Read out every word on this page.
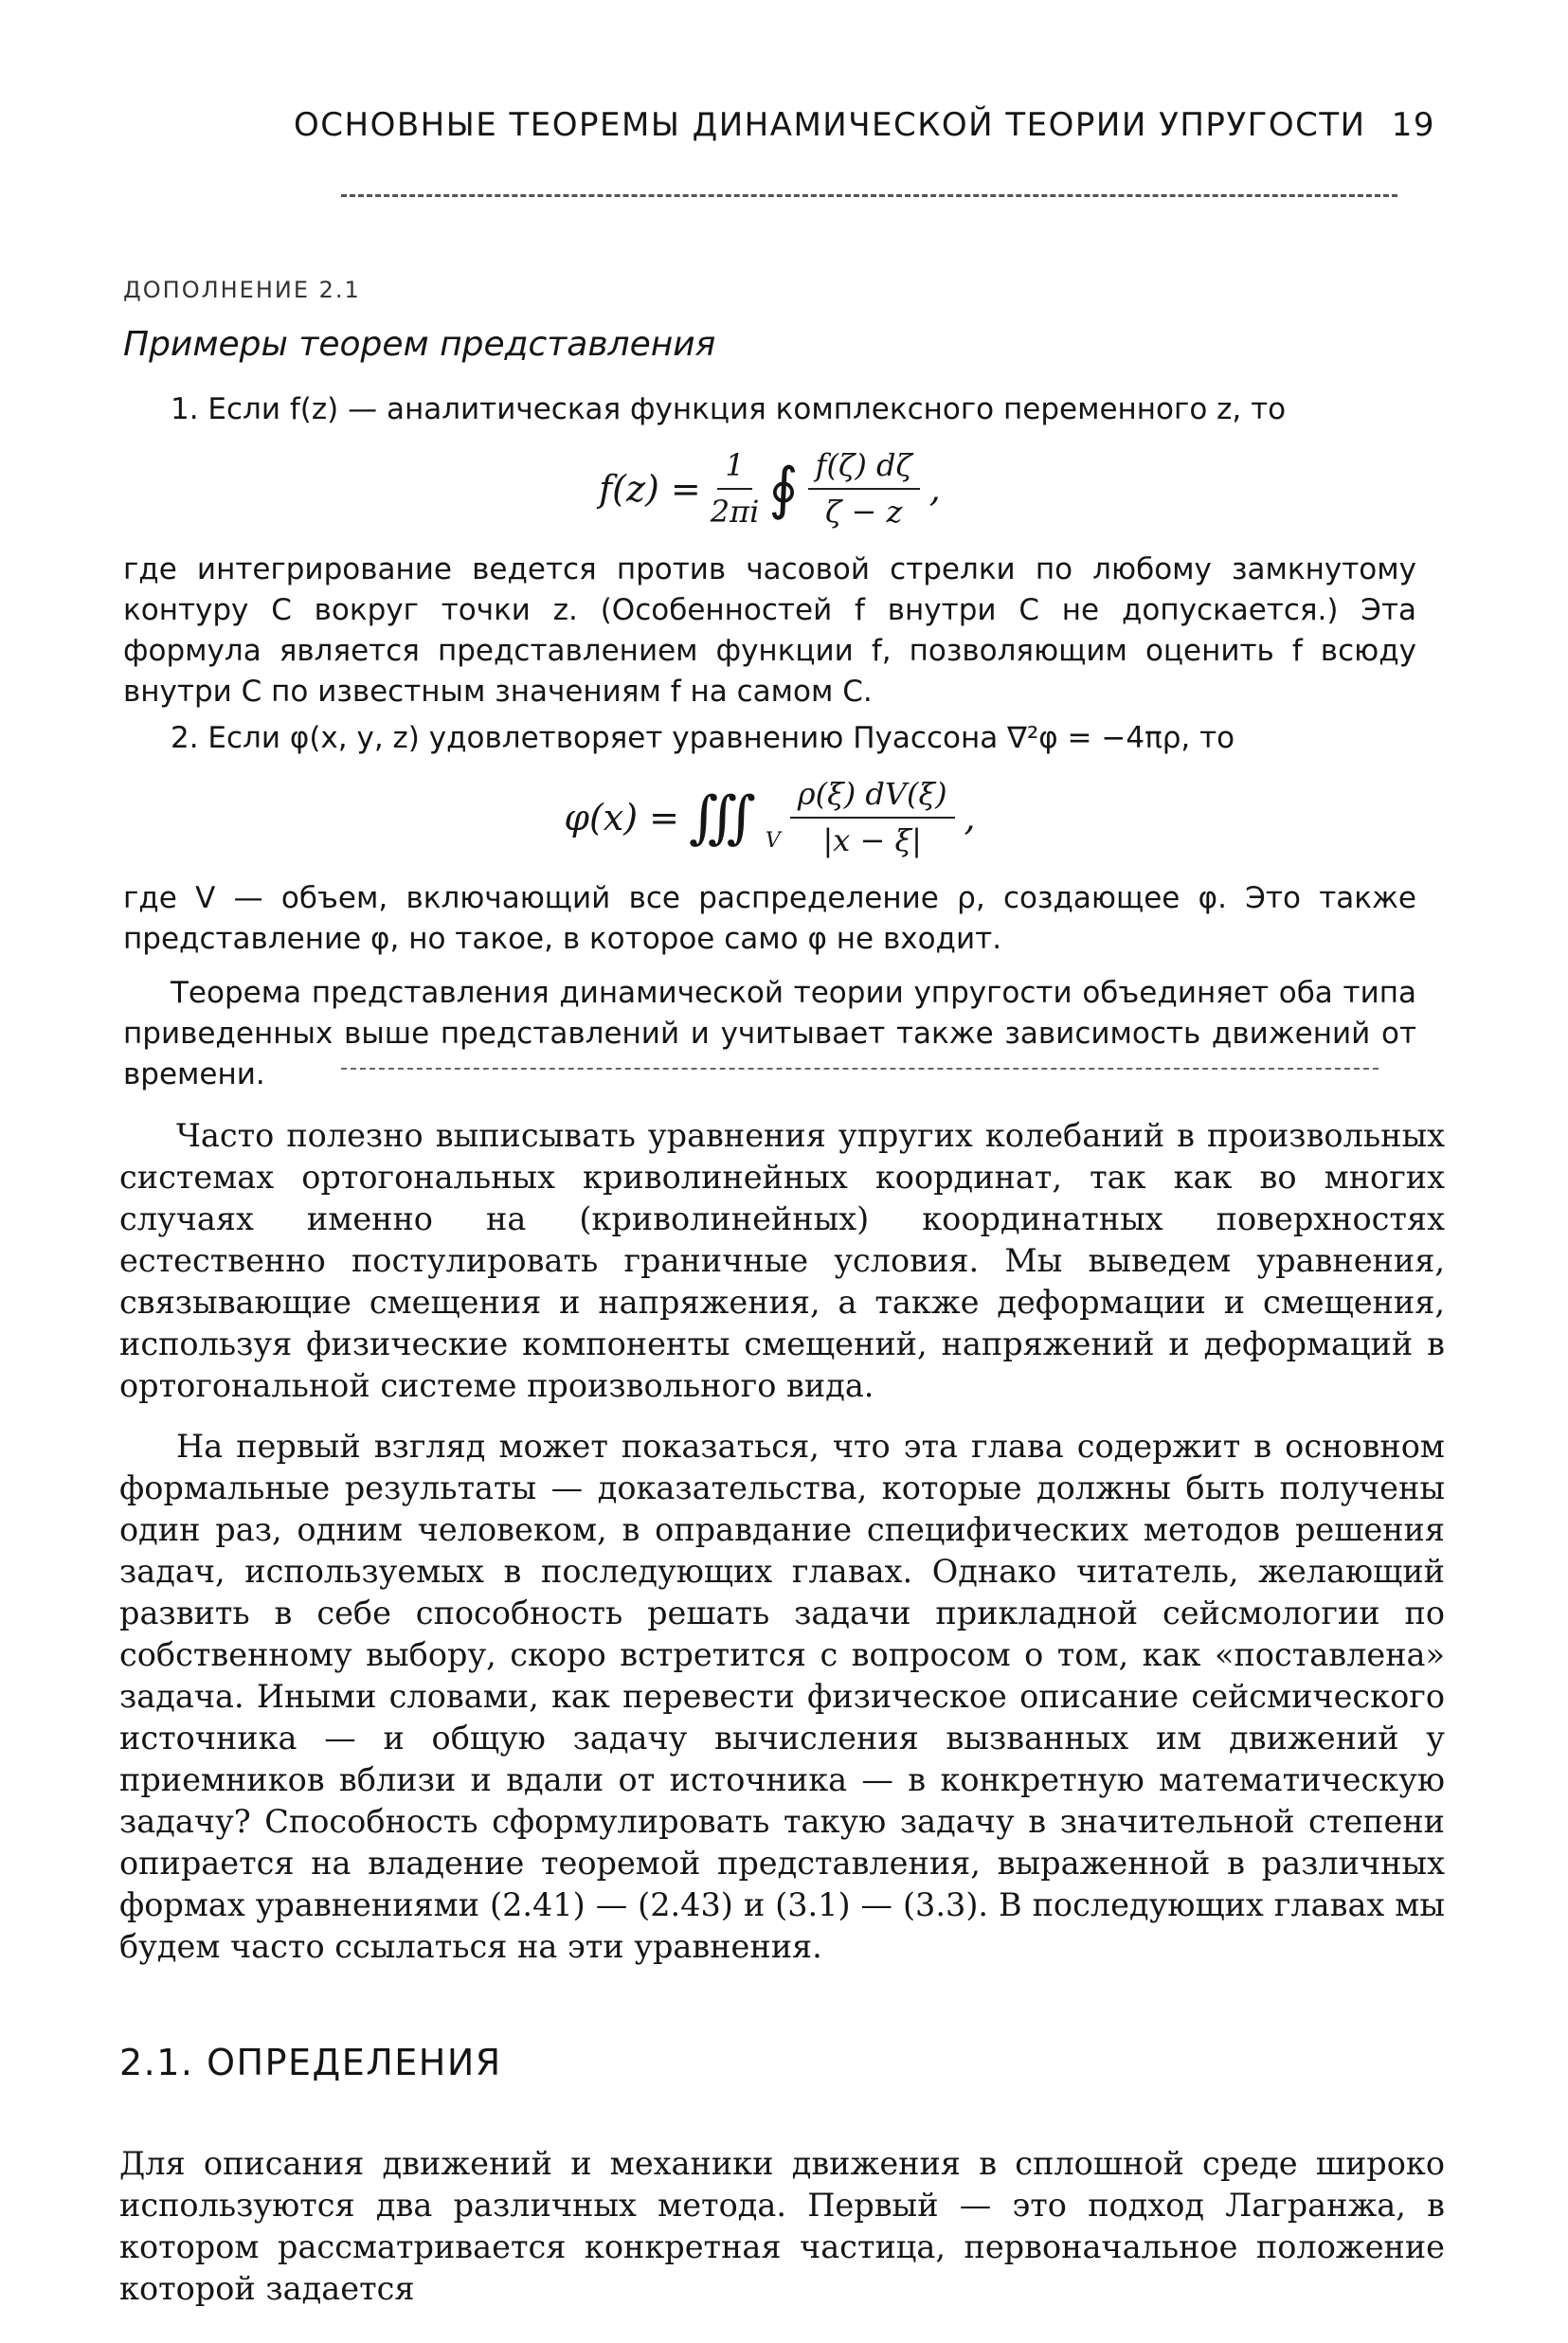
ОСНОВНЫЕ ТЕОРЕМЫ ДИНАМИЧЕСКОЙ ТЕОРИИ УПРУГОСТИ 19
ДОПОЛНЕНИЕ 2.1
Примеры теорем представления

1. Если f(z) — аналитическая функция комплексного переменного z, то

$f(z) = \frac{1}{2\pi i}$ ∮ $\frac{f(\zeta) d\zeta}{\zeta - z}$ ,

где интегрирование ведется против часовой стрелки по любому замкнутому контуру C вокруг точки z. (Особенностей f внутри C не допускается.) Эта формула является представлением функции f, позволяющим оценить f всюду внутри C по известным значениям f на самом C.

2. Если φ(x, y, z) удовлетворяет уравнению Пуассона ∇²φ = −4πρ, то

φ(x) = ∭ V $\frac{\rho(\xi) dV(\xi)}{|x - \xi|}$ ,

где V — объем, включающий все распределение ρ, создающее φ. Это также представление φ, но такое, в которое само φ не входит.

Теорема представления динамической теории упругости объединяет оба типа приведенных выше представлений и учитывает также зависимость движений от времени.

Часто полезно выписывать уравнения упругих колебаний в произвольных системах ортогональных криволинейных координат, так как во многих случаях именно на (криволинейных) координатных поверхностях естественно постулировать граничные условия. Мы выведем уравнения, связывающие смещения и напряжения, а также деформации и смещения, используя физические компоненты смещений, напряжений и деформаций в ортогональной системе произвольного вида.

На первый взгляд может показаться, что эта глава содержит в основном формальные результаты — доказательства, которые должны быть получены один раз, одним человеком, в оправдание специфических методов решения задач, используемых в последующих главах. Однако читатель, желающий развить в себе способность решать задачи прикладной сейсмологии по собственному выбору, скоро встретится с вопросом о том, как «поставлена» задача. Иными словами, как перевести физическое описание сейсмического источника — и общую задачу вычисления вызванных им движений у приемников вблизи и вдали от источника — в конкретную математическую задачу? Способность сформулировать такую задачу в значительной степени опирается на владение теоремой представления, выраженной в различных формах уравнениями (2.41) — (2.43) и (3.1) — (3.3). В последующих главах мы будем часто ссылаться на эти уравнения.

2.1. ОПРЕДЕЛЕНИЯ
Для описания движений и механики движения в сплошной среде широко используются два различных метода. Первый — это подход Лагранжа, в котором рассматривается конкретная частица, первоначальное положение которой задается
